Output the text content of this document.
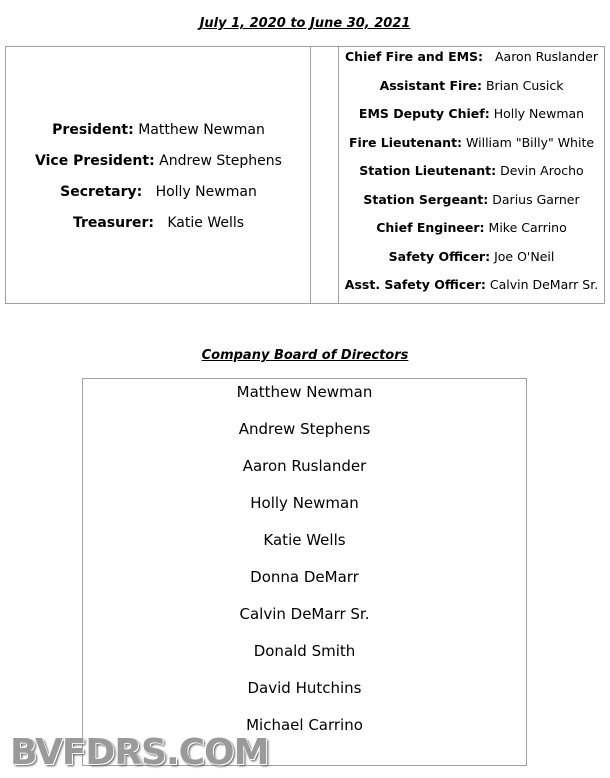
July 1, 2020 to June 30, 2021
President: Matthew Newman
Vice President: Andrew Stephens
Secretary: Holly Newman
Treasurer: Katie Wells
Chief Fire and EMS: Aaron Ruslander
Assistant Fire: Brian Cusick
EMS Deputy Chief: Holly Newman
Fire Lieutenant: William "Billy" White
Station Lieutenant: Devin Arocho
Station Sergeant: Darius Garner
Chief Engineer: Mike Carrino
Safety Officer: Joe O'Neil
Asst. Safety Officer: Calvin DeMarr Sr.
Company Board of Directors
Matthew Newman
Andrew Stephens
Aaron Ruslander
Holly Newman
Katie Wells
Donna DeMarr
Calvin DeMarr Sr.
Donald Smith
David Hutchins
Michael Carrino
BVFDRS.COM
